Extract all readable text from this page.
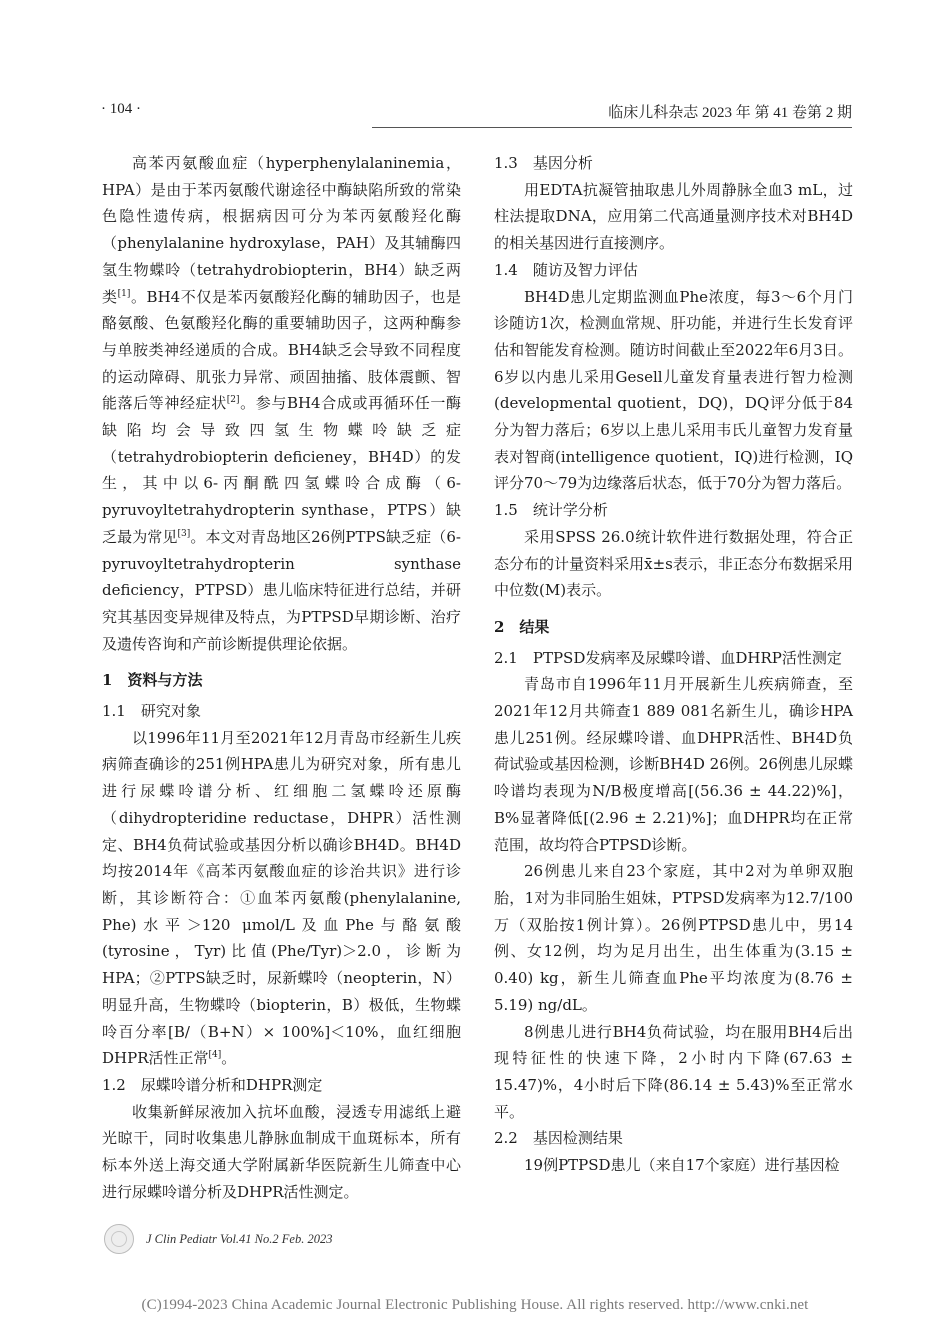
· 104 ·	临床儿科杂志 2023 年 第 41 卷第 2 期

高苯丙氨酸血症（hyperphenylalaninemia，HPA）是由于苯丙氨酸代谢途径中酶缺陷所致的常染色隐性遗传病，根据病因可分为苯丙氨酸羟化酶（phenylalanine hydroxylase，PAH）及其辅酶四氢生物蝶呤（tetrahydrobiopterin，BH4）缺乏两类[1]。BH4不仅是苯丙氨酸羟化酶的辅助因子，也是酪氨酸、色氨酸羟化酶的重要辅助因子，这两种酶参与单胺类神经递质的合成。BH4缺乏会导致不同程度的运动障碍、肌张力异常、顽固抽搐、肢体震颤、智能落后等神经症状[2]。参与BH4合成或再循环任一酶缺陷均会导致四氢生物蝶呤缺乏症（tetrahydrobiopterin deficieney，BH4D）的发生，其中以6-丙酮酰四氢蝶呤合成酶（6-pyruvoyltetrahydropterin synthase，PTPS）缺乏最为常见[3]。本文对青岛地区26例PTPS缺乏症（6-pyruvoyltetrahydropterin synthase deficiency，PTPSD）患儿临床特征进行总结，并研究其基因变异规律及特点，为PTPSD早期诊断、治疗及遗传咨询和产前诊断提供理论依据。

1　资料与方法

1.1　研究对象

以1996年11月至2021年12月青岛市经新生儿疾病筛查确诊的251例HPA患儿为研究对象，所有患儿进行尿蝶呤谱分析、红细胞二氢蝶呤还原酶（dihydropteridine reductase，DHPR）活性测定、BH4负荷试验或基因分析以确诊BH4D。BH4D均按2014年《高苯丙氨酸血症的诊治共识》进行诊断，其诊断符合：①血苯丙氨酸(phenylalanine, Phe)水平＞120 μmol/L及血Phe与酪氨酸(tyrosine，Tyr)比值(Phe/Tyr)＞2.0，诊断为HPA；②PTPS缺乏时，尿新蝶呤（neopterin，N）明显升高，生物蝶呤（biopterin，B）极低，生物蝶呤百分率[B/（B+N）× 100%]＜10%，血红细胞DHPR活性正常[4]。

1.2　尿蝶呤谱分析和DHPR测定

收集新鲜尿液加入抗坏血酸，浸透专用滤纸上避光晾干，同时收集患儿静脉血制成干血斑标本，所有标本外送上海交通大学附属新华医院新生儿筛查中心进行尿蝶呤谱分析及DHPR活性测定。

1.3　基因分析

用EDTA抗凝管抽取患儿外周静脉全血3 mL，过柱法提取DNA，应用第二代高通量测序技术对BH4D的相关基因进行直接测序。

1.4　随访及智力评估

BH4D患儿定期监测血Phe浓度，每3～6个月门诊随访1次，检测血常规、肝功能，并进行生长发育评估和智能发育检测。随访时间截止至2022年6月3日。6岁以内患儿采用Gesell儿童发育量表进行智力检测(developmental quotient，DQ)，DQ评分低于84分为智力落后；6岁以上患儿采用韦氏儿童智力发育量表对智商(intelligence quotient，IQ)进行检测，IQ评分70～79为边缘落后状态，低于70分为智力落后。

1.5　统计学分析

采用SPSS 26.0统计软件进行数据处理，符合正态分布的计量资料采用x̄±s表示，非正态分布数据采用中位数(M)表示。

2　结果

2.1　PTPSD发病率及尿蝶呤谱、血DHRP活性测定

青岛市自1996年11月开展新生儿疾病筛查，至2021年12月共筛查1 889 081名新生儿，确诊HPA患儿251例。经尿蝶呤谱、血DHPR活性、BH4D负荷试验或基因检测，诊断BH4D 26例。26例患儿尿蝶呤谱均表现为N/B极度增高[(56.36 ± 44.22)%]，B%显著降低[(2.96 ± 2.21)%]；血DHPR均在正常范围，故均符合PTPSD诊断。

26例患儿来自23个家庭，其中2对为单卵双胞胎，1对为非同胎生姐妹，PTPSD发病率为12.7/100万（双胎按1例计算）。26例PTPSD患儿中，男14例、女12例，均为足月出生，出生体重为(3.15 ± 0.40) kg，新生儿筛查血Phe平均浓度为(8.76 ± 5.19) ng/dL。

8例患儿进行BH4负荷试验，均在服用BH4后出现特征性的快速下降，2小时内下降(67.63 ± 15.47)%，4小时后下降(86.14 ± 5.43)%至正常水平。

2.2　基因检测结果

19例PTPSD患儿（来自17个家庭）进行基因检

J Clin Pediatr Vol.41 No.2 Feb. 2023
(C)1994-2023 China Academic Journal Electronic Publishing House. All rights reserved. http://www.cnki.net
